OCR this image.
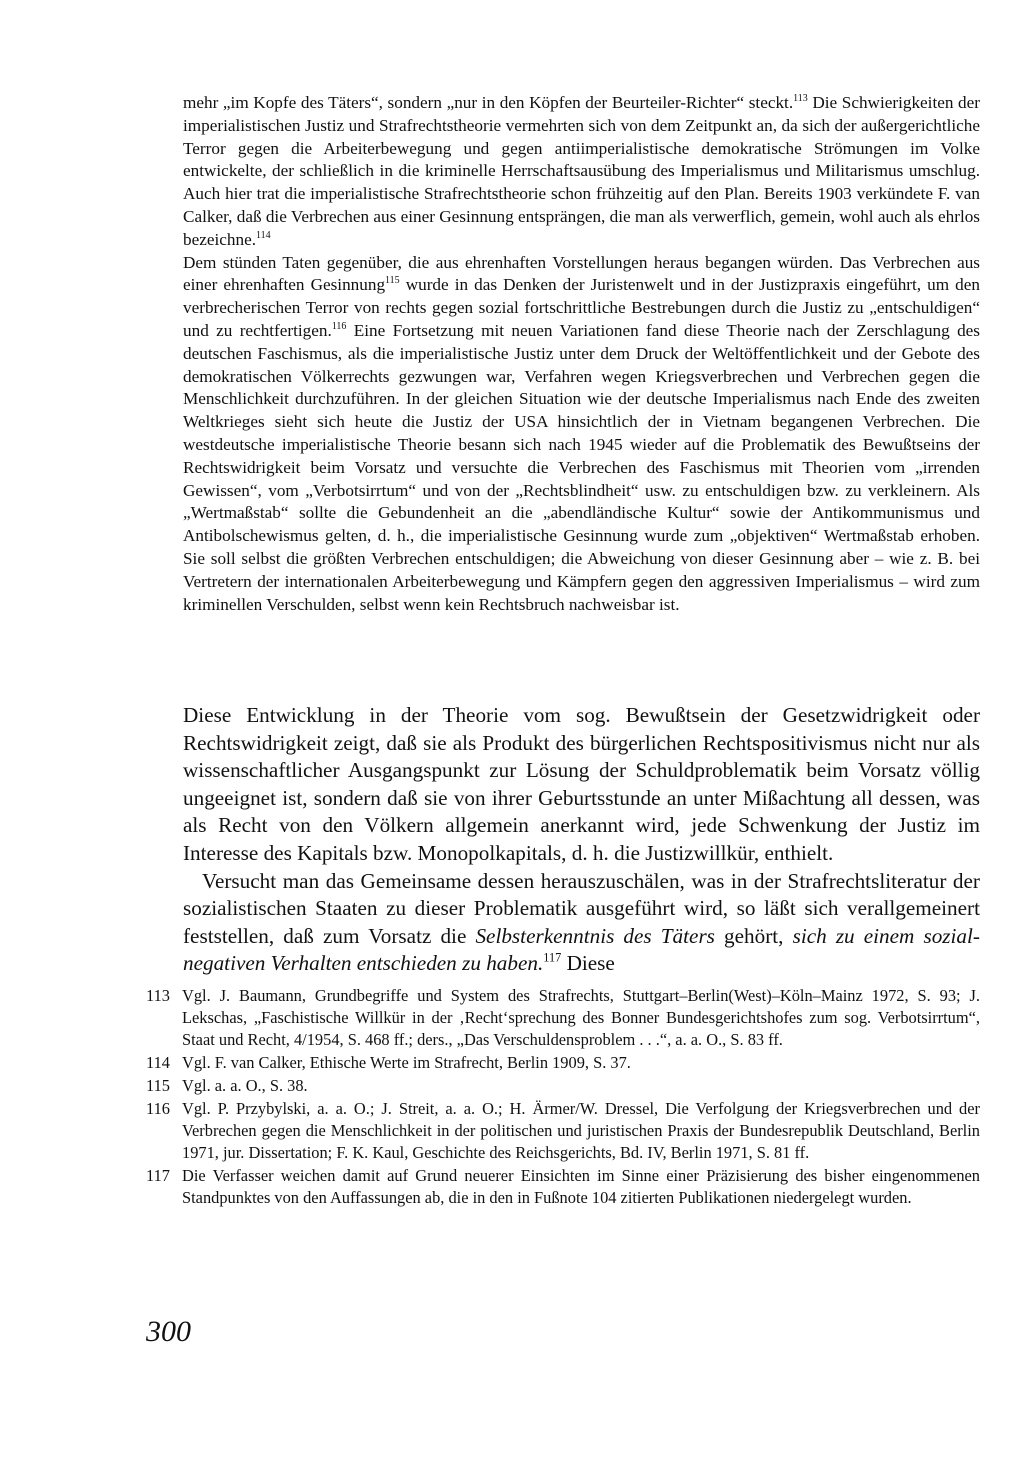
mehr „im Kopfe des Täters“, sondern „nur in den Köpfen der Beurteiler-Richter“ steckt.$^{113}$ Die Schwierigkeiten der imperialistischen Justiz und Strafrechtstheorie vermehrten sich von dem Zeitpunkt an, da sich der außergerichtliche Terror gegen die Arbeiterbewegung und gegen antiimperialistische demokratische Strömungen im Volke entwickelte, der schließlich in die kriminelle Herrschaftsausübung des Imperialismus und Militarismus umschlug. Auch hier trat die imperialistische Strafrechtstheorie schon frühzeitig auf den Plan. Bereits 1903 verkündete F. van Calker, daß die Verbrechen aus einer Gesinnung entsprängen, die man als verwerflich, gemein, wohl auch als ehrlos bezeichne.$^{114}$

Dem stünden Taten gegenüber, die aus ehrenhaften Vorstellungen heraus begangen würden. Das Verbrechen aus einer ehrenhaften Gesinnung$^{115}$ wurde in das Denken der Juristenwelt und in der Justizpraxis eingeführt, um den verbrecherischen Terror von rechts gegen sozial fortschrittliche Bestrebungen durch die Justiz zu „entschuldigen“ und zu rechtfertigen.$^{116}$ Eine Fortsetzung mit neuen Variationen fand diese Theorie nach der Zerschlagung des deutschen Faschismus, als die imperialistische Justiz unter dem Druck der Weltöffentlichkeit und der Gebote des demokratischen Völkerrechts gezwungen war, Verfahren wegen Kriegsverbrechen und Verbrechen gegen die Menschlichkeit durchzuführen. In der gleichen Situation wie der deutsche Imperialismus nach Ende des zweiten Weltkrieges sieht sich heute die Justiz der USA hinsichtlich der in Vietnam begangenen Verbrechen. Die westdeutsche imperialistische Theorie besann sich nach 1945 wieder auf die Problematik des Bewußtseins der Rechtswidrigkeit beim Vorsatz und versuchte die Verbrechen des Faschismus mit Theorien vom „irrenden Gewissen“, vom „Verbotsirrtum“ und von der „Rechtsblindheit“ usw. zu entschuldigen bzw. zu verkleinern. Als „Wertmaßstab“ sollte die Gebundenheit an die „abendländische Kultur“ sowie der Antikommunismus und Antibolschewismus gelten, d. h., die imperialistische Gesinnung wurde zum „objektiven“ Wertmaßstab erhoben. Sie soll selbst die größten Verbrechen entschuldigen; die Abweichung von dieser Gesinnung aber – wie z. B. bei Vertretern der internationalen Arbeiterbewegung und Kämpfern gegen den aggressiven Imperialismus – wird zum kriminellen Verschulden, selbst wenn kein Rechtsbruch nachweisbar ist.

Diese Entwicklung in der Theorie vom sog. Bewußtsein der Gesetzwidrigkeit oder Rechtswidrigkeit zeigt, daß sie als Produkt des bürgerlichen Rechtspositivismus nicht nur als wissenschaftlicher Ausgangspunkt zur Lösung der Schuldproblematik beim Vorsatz völlig ungeeignet ist, sondern daß sie von ihrer Geburtsstunde an unter Mißachtung all dessen, was als Recht von den Völkern allgemein anerkannt wird, jede Schwenkung der Justiz im Interesse des Kapitals bzw. Monopolkapitals, d. h. die Justizwillkür, enthielt.

Versucht man das Gemeinsame dessen herauszuschälen, was in der Strafrechtsliteratur der sozialistischen Staaten zu dieser Problematik ausgeführt wird, so läßt sich verallgemeinert feststellen, daß zum Vorsatz die Selbsterkenntnis des Täters gehört, sich zu einem sozial-negativen Verhalten entschieden zu haben.$^{117}$ Diese

113 Vgl. J. Baumann, Grundbegriffe und System des Strafrechts, Stuttgart–Berlin(West)–Köln–Mainz 1972, S. 93; J. Lekschas, „Faschistische Willkür in der ‚Recht‘sprechung des Bonner Bundesgerichtshofes zum sog. Verbotsirrtum“, Staat und Recht, 4/1954, S. 468 ff.; ders., „Das Verschuldensproblem . . .“, a. a. O., S. 83 ff.
114 Vgl. F. van Calker, Ethische Werte im Strafrecht, Berlin 1909, S. 37.
115 Vgl. a. a. O., S. 38.
116 Vgl. P. Przybylski, a. a. O.; J. Streit, a. a. O.; H. Ärmer/W. Dressel, Die Verfolgung der Kriegsverbrechen und der Verbrechen gegen die Menschlichkeit in der politischen und juristischen Praxis der Bundesrepublik Deutschland, Berlin 1971, jur. Dissertation; F. K. Kaul, Geschichte des Reichsgerichts, Bd. IV, Berlin 1971, S. 81 ff.
117 Die Verfasser weichen damit auf Grund neuerer Einsichten im Sinne einer Präzisierung des bisher eingenommenen Standpunktes von den Auffassungen ab, die in den in Fußnote 104 zitierten Publikationen niedergelegt wurden.
300
